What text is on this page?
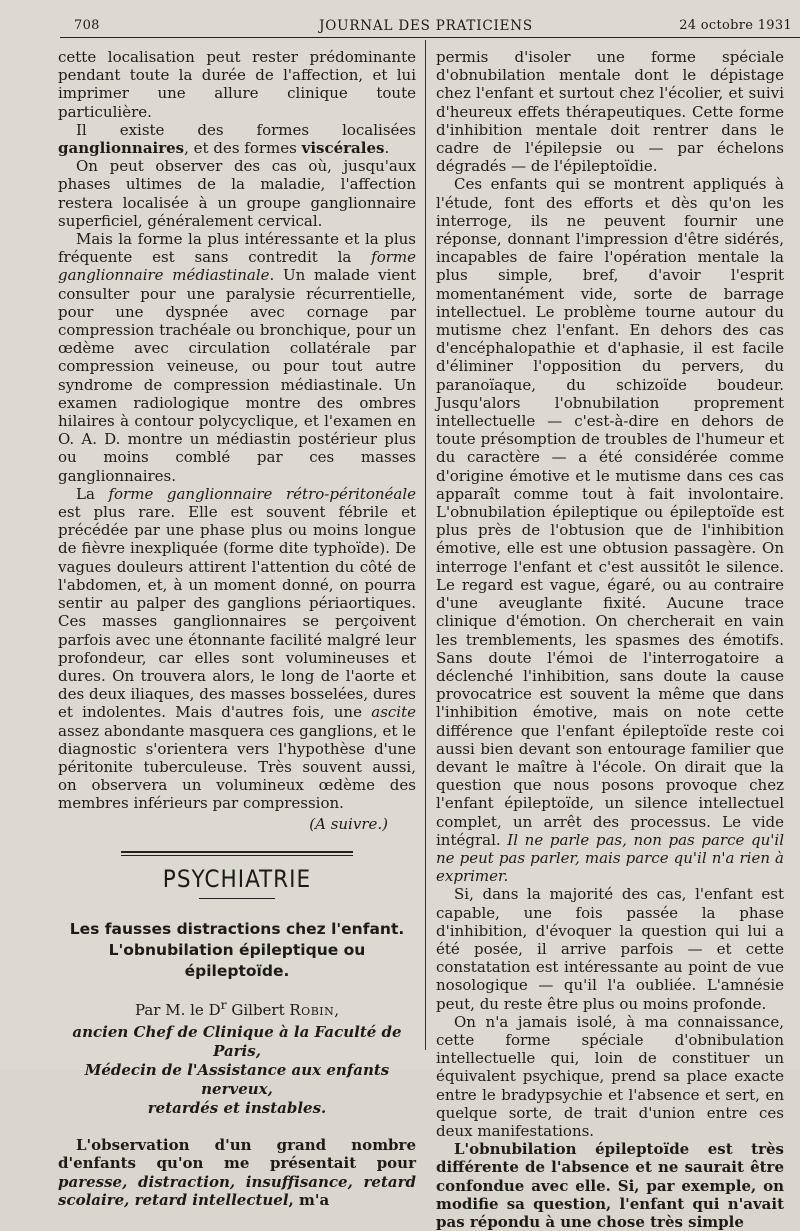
708	JOURNAL DES PRATICIENS	24 octobre 1931

cette localisation peut rester prédominante pendant toute la durée de l'affection, et lui imprimer une allure clinique toute particulière.

Il existe des formes localisées ganglionnaires, et des formes viscérales.

On peut observer des cas où, jusqu'aux phases ultimes de la maladie, l'affection restera localisée à un groupe ganglionnaire superficiel, généralement cervical.

Mais la forme la plus intéressante et la plus fréquente est sans contredit la forme ganglionnaire médiastinale. Un malade vient consulter pour une paralysie récurrentielle, pour une dyspnée avec cornage par compression trachéale ou bronchique, pour un œdème avec circulation collatérale par compression veineuse, ou pour tout autre syndrome de compression médiastinale. Un examen radiologique montre des ombres hilaires à contour polycyclique, et l'examen en O. A. D. montre un médiastin postérieur plus ou moins comblé par ces masses ganglionnaires.

La forme ganglionnaire rétro-péritonéale est plus rare. Elle est souvent fébrile et précédée par une phase plus ou moins longue de fièvre inexpliquée (forme dite typhoïde). De vagues douleurs attirent l'attention du côté de l'abdomen, et, à un moment donné, on pourra sentir au palper des ganglions périaortiques. Ces masses ganglionnaires se perçoivent parfois avec une étonnante facilité malgré leur profondeur, car elles sont volumineuses et dures. On trouvera alors, le long de l'aorte et des deux iliaques, des masses bosselées, dures et indolentes. Mais d'autres fois, une ascite assez abondante masquera ces ganglions, et le diagnostic s'orientera vers l'hypothèse d'une péritonite tuberculeuse. Très souvent aussi, on observera un volumineux œdème des membres inférieurs par compression.

(A suivre.)
PSYCHIATRIE
Les fausses distractions chez l'enfant.
L'obnubilation épileptique ou épileptoïde.
Par M. le $D^r$ Gilbert Robin,
ancien Chef de Clinique à la Faculté de Paris,
Médecin de l'Assistance aux enfants nerveux,
retardés et instables.

L'observation d'un grand nombre d'enfants qu'on me présentait pour paresse, distraction, insuffisance, retard scolaire, retard intellectuel, m'a

permis d'isoler une forme spéciale d'obnubilation mentale dont le dépistage chez l'enfant et surtout chez l'écolier, et suivi d'heureux effets thérapeutiques. Cette forme d'inhibition mentale doit rentrer dans le cadre de l'épilepsie ou — par échelons dégradés — de l'épileptoïdie.

Ces enfants qui se montrent appliqués à l'étude, font des efforts et dès qu'on les interroge, ils ne peuvent fournir une réponse, donnant l'impression d'être sidérés, incapables de faire l'opération mentale la plus simple, bref, d'avoir l'esprit momentanément vide, sorte de barrage intellectuel. Le problème tourne autour du mutisme chez l'enfant. En dehors des cas d'encéphalopathie et d'aphasie, il est facile d'éliminer l'opposition du pervers, du paranoïaque, du schizoïde boudeur. Jusqu'alors l'obnubilation proprement intellectuelle — c'est-à-dire en dehors de toute présomption de troubles de l'humeur et du caractère — a été considérée comme d'origine émotive et le mutisme dans ces cas apparaît comme tout à fait involontaire. L'obnubilation épileptique ou épileptoïde est plus près de l'obtusion que de l'inhibition émotive, elle est une obtusion passagère. On interroge l'enfant et c'est aussitôt le silence. Le regard est vague, égaré, ou au contraire d'une aveuglante fixité. Aucune trace clinique d'émotion. On chercherait en vain les tremblements, les spasmes des émotifs. Sans doute l'émoi de l'interrogatoire a déclenché l'inhibition, sans doute la cause provocatrice est souvent la même que dans l'inhibition émotive, mais on note cette différence que l'enfant épileptoïde reste coi aussi bien devant son entourage familier que devant le maître à l'école. On dirait que la question que nous posons provoque chez l'enfant épileptoïde, un silence intellectuel complet, un arrêt des processus. Le vide intégral. Il ne parle pas, non pas parce qu'il ne peut pas parler, mais parce qu'il n'a rien à exprimer.

Si, dans la majorité des cas, l'enfant est capable, une fois passée la phase d'inhibition, d'évoquer la question qui lui a été posée, il arrive parfois — et cette constatation est intéressante au point de vue nosologique — qu'il l'a oubliée. L'amnésie peut, du reste être plus ou moins profonde.

On n'a jamais isolé, à ma connaissance, cette forme spéciale d'obnibulation intellectuelle qui, loin de constituer un équivalent psychique, prend sa place exacte entre le bradypsychie et l'absence et sert, en quelque sorte, de trait d'union entre ces deux manifestations.

L'obnubilation épileptoïde est très différente de l'absence et ne saurait être confondue avec elle. Si, par exemple, on modifie sa question, l'enfant qui n'avait pas répondu à une chose très simple
